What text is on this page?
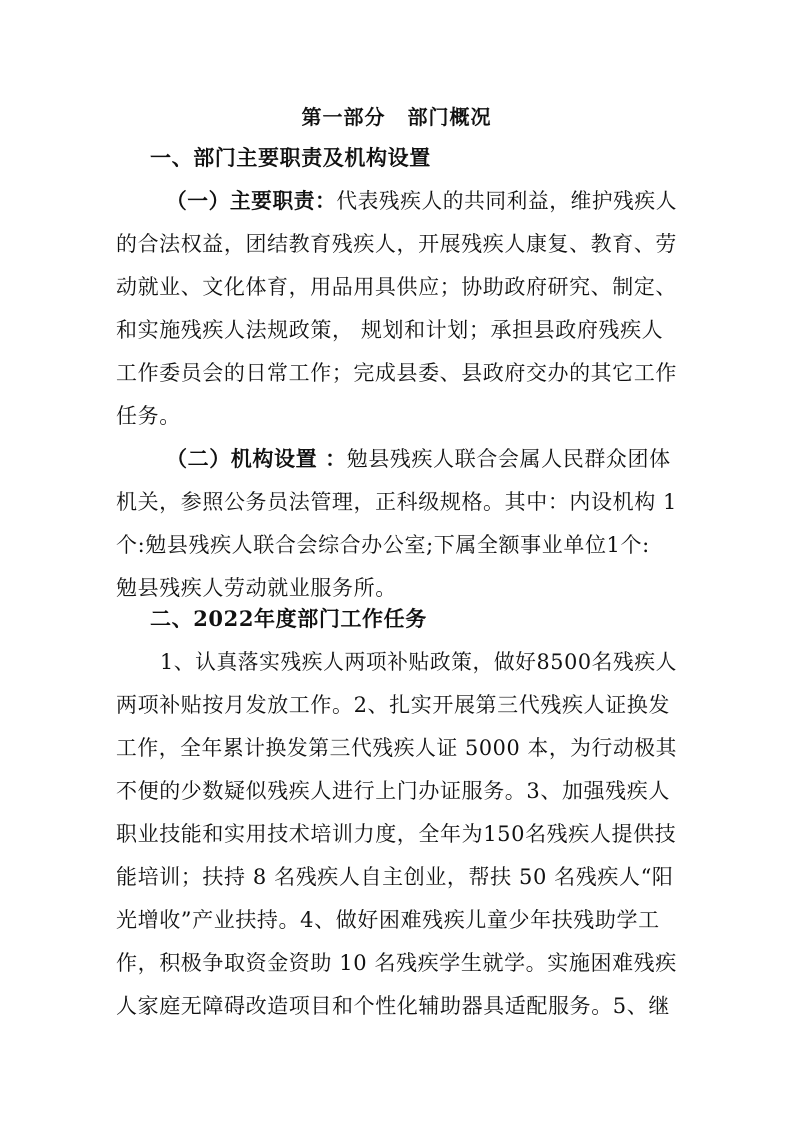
第一部分 部门概况
一、部门主要职责及机构设置
（一）主要职责：代表残疾人的共同利益，维护残疾人
的合法权益，团结教育残疾人，开展残疾人康复、教育、劳
动就业、文化体育，用品用具供应；协助政府研究、制定、
和实施残疾人法规政策， 规划和计划；承担县政府残疾人
工作委员会的日常工作；完成县委、县政府交办的其它工作
任务。
（二）机构设置 ：勉县残疾人联合会属人民群众团体
机关，参照公务员法管理，正科级规格。其中：内设机构 1
个:勉县残疾人联合会综合办公室;下属全额事业单位1个:
勉县残疾人劳动就业服务所。
二、2022年度部门工作任务
1、认真落实残疾人两项补贴政策，做好8500名残疾人
两项补贴按月发放工作。2、扎实开展第三代残疾人证换发
工作，全年累计换发第三代残疾人证 5000 本，为行动极其
不便的少数疑似残疾人进行上门办证服务。3、加强残疾人
职业技能和实用技术培训力度，全年为150名残疾人提供技
能培训；扶持 8 名残疾人自主创业，帮扶 50 名残疾人“阳
光增收”产业扶持。4、做好困难残疾儿童少年扶残助学工
作，积极争取资金资助 10 名残疾学生就学。实施困难残疾
人家庭无障碍改造项目和个性化辅助器具适配服务。5、继
